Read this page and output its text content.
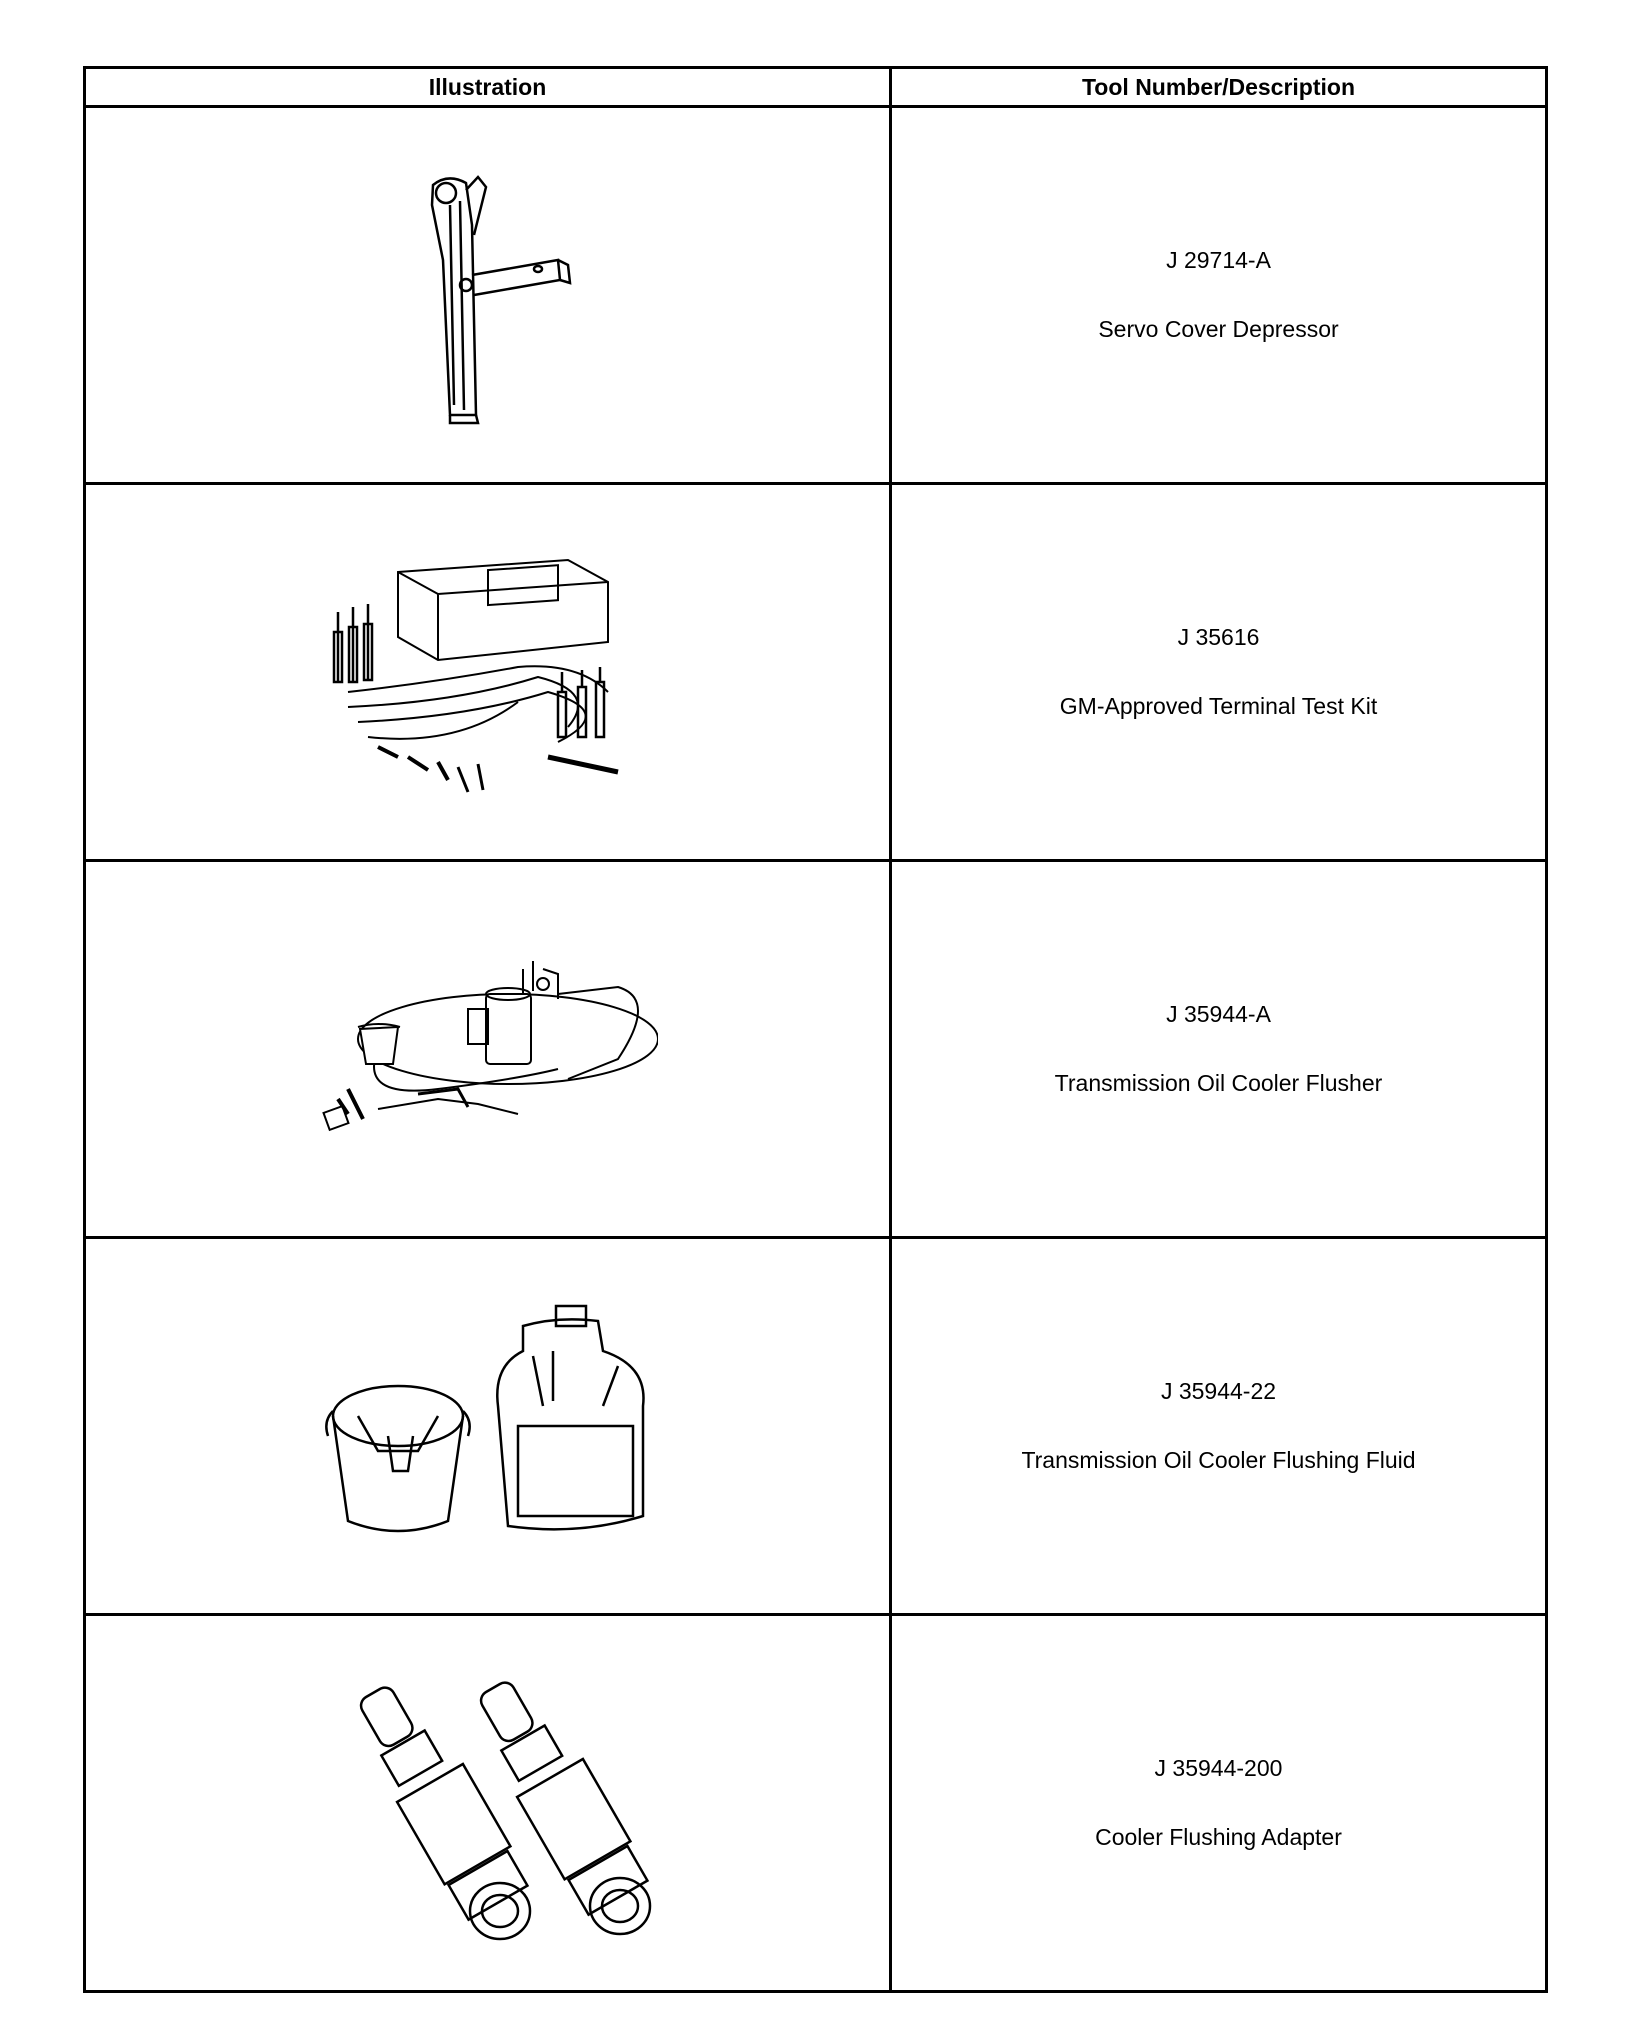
Illustration	Tool Number/Description

J 29714-A
Servo Cover Depressor

J 35616
GM-Approved Terminal Test Kit

J 35944-A
Transmission Oil Cooler Flusher

J 35944-22
Transmission Oil Cooler Flushing Fluid

J 35944-200
Cooler Flushing Adapter
